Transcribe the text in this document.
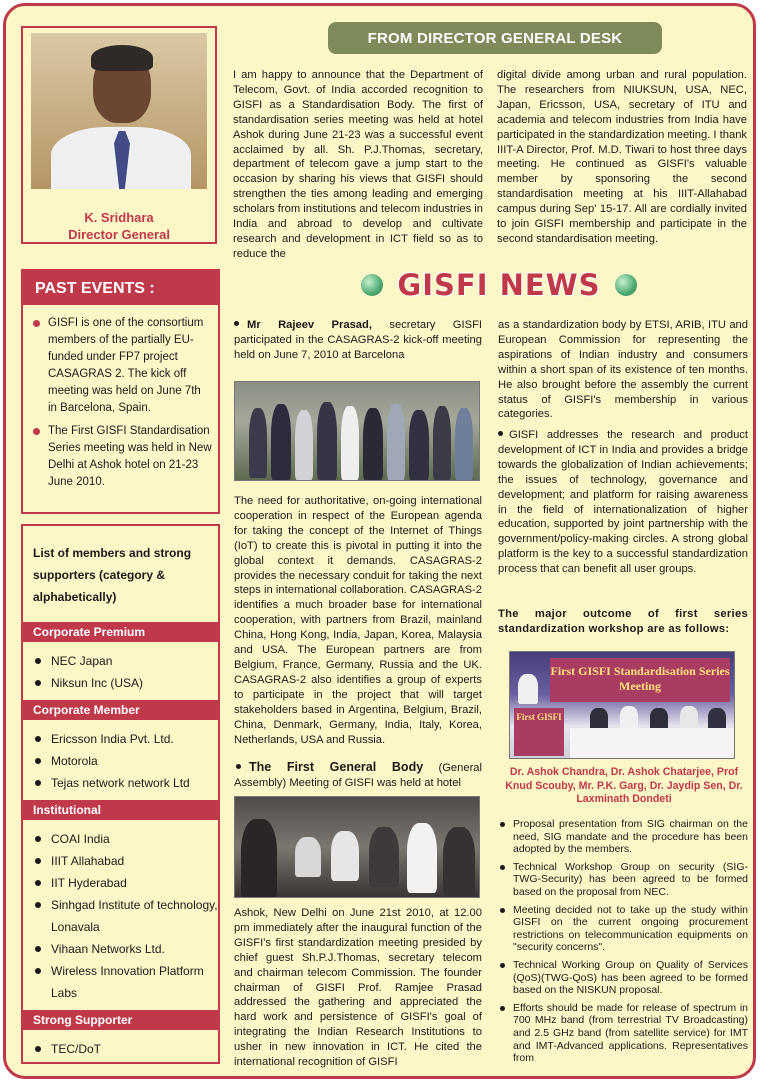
FROM DIRECTOR GENERAL DESK
K. Sridhara
Director General
I am happy to announce that the Department of Telecom, Govt. of India accorded recognition to GISFI as a Standardisation Body. The first of standardisation series meeting was held at hotel Ashok during June 21-23 was a successful event acclaimed by all. Sh. P.J.Thomas, secretary, department of telecom gave a jump start to the occasion by sharing his views that GISFI should strengthen the ties among leading and emerging scholars from institutions and telecom industries in India and abroad to develop and cultivate research and development in ICT field so as to reduce the
digital divide among urban and rural population. The researchers from NIUKSUN, USA, NEC, Japan, Ericsson, USA, secretary of ITU and academia and telecom industries from India have participated in the standardization meeting. I thank IIIT-A Director, Prof. M.D. Tiwari to host three days meeting. He continued as GISFI's valuable member by sponsoring the second standardisation meeting at his IIIT-Allahabad campus during Sep' 15-17. All are cordially invited to join GISFI membership and participate in the second standardisation meeting.
PAST EVENTS :
GISFI is one of the consortium members of the partially EU-funded under FP7 project CASAGRAS 2. The kick off meeting was held on June 7th in Barcelona, Spain.
The First GISFI Standardisation Series meeting was held in New Delhi at Ashok hotel on 21-23 June 2010.
List of members and strong supporters (category & alphabetically)
Corporate Premium
NEC Japan
Niksun Inc (USA)
Corporate Member
Ericsson India Pvt. Ltd.
Motorola
Tejas network network Ltd
Institutional
COAI India
IIIT Allahabad
IIT Hyderabad
Sinhgad Institute of technology, Lonavala
Vihaan Networks Ltd.
Wireless Innovation Platform Labs
Strong Supporter
TEC/DoT
GISFI NEWS
Mr Rajeev Prasad, secretary GISFI participated in the CASAGRAS-2 kick-off meeting held on June 7, 2010 at Barcelona
The need for authoritative, on-going international cooperation in respect of the European agenda for taking the concept of the Internet of Things (IoT) to create this is pivotal in putting it into the global context it demands. CASAGRAS-2 provides the necessary conduit for taking the next steps in international collaboration. CASAGRAS-2 identifies a much broader base for international cooperation, with partners from Brazil, mainland China, Hong Kong, India, Japan, Korea, Malaysia and USA. The European partners are from Belgium, France, Germany, Russia and the UK. CASAGRAS-2 also identifies a group of experts to participate in the project that will target stakeholders based in Argentina, Belgium, Brazil, China, Denmark, Germany, India, Italy, Korea, Netherlands, USA and Russia.
The First General Body (General Assembly) Meeting of GISFI was held at hotel
Ashok, New Delhi on June 21st 2010, at 12.00 pm immediately after the inaugural function of the GISFI's first standardization meeting presided by chief guest Sh.P.J.Thomas, secretary telecom and chairman telecom Commission. The founder chairman of GISFI Prof. Ramjee Prasad addressed the gathering and appreciated the hard work and persistence of GISFI's goal of integrating the Indian Research Institutions to usher in new innovation in ICT. He cited the international recognition of GISFI
as a standardization body by ETSI, ARIB, ITU and European Commission for representing the aspirations of Indian industry and consumers within a short span of its existence of ten months. He also brought before the assembly the current status of GISFI's membership in various categories.
GISFI addresses the research and product development of ICT in India and provides a bridge towards the globalization of Indian achievements; the issues of technology, governance and development; and platform for raising awareness in the field of internationalization of higher education, supported by joint partnership with the government/policy-making circles. A strong global platform is the key to a successful standardization process that can benefit all user groups.
The major outcome of first series standardization workshop are as follows:
First GISFI Standardisation Series Meeting
First GISFI
Dr. Ashok Chandra, Dr. Ashok Chatarjee, Prof Knud Scouby, Mr. P.K. Garg, Dr. Jaydip Sen, Dr. Laxminath Dondeti
Proposal presentation from SIG chairman on the need, SIG mandate and the procedure has been adopted by the members.
Technical Workshop Group on security (SIG-TWG-Security) has been agreed to be formed based on the proposal from NEC.
Meeting decided not to take up the study within GISFI on the current ongoing procurement restrictions on telecommunication equipments on "security concerns".
Technical Working Group on Quality of Services (QoS)(TWG-QoS) has been agreed to be formed based on the NISKUN proposal.
Efforts should be made for release of spectrum in 700 MHz band (from terrestrial TV Broadcasting) and 2.5 GHz band (from satellite service) for IMT and IMT-Advanced applications. Representatives from
